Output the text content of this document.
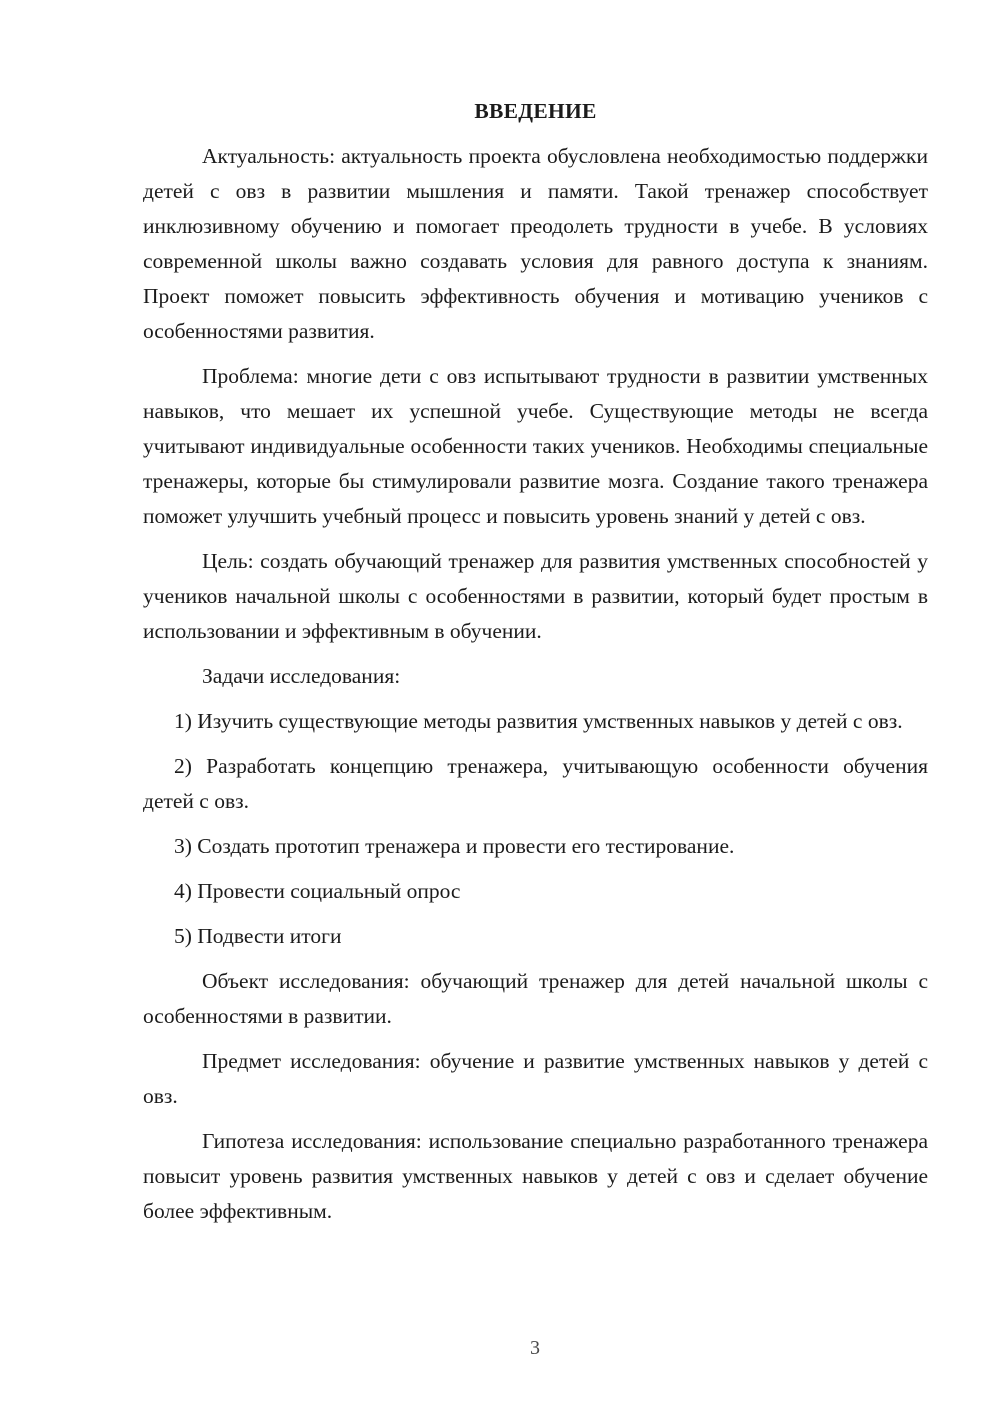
ВВЕДЕНИЕ

Актуальность: актуальность проекта обусловлена необходимостью поддержки детей с овз в развитии мышления и памяти. Такой тренажер способствует инклюзивному обучению и помогает преодолеть трудности в учебе. В условиях современной школы важно создавать условия для равного доступа к знаниям. Проект поможет повысить эффективность обучения и мотивацию учеников с особенностями развития.

Проблема: многие дети с овз испытывают трудности в развитии умственных навыков, что мешает их успешной учебе. Существующие методы не всегда учитывают индивидуальные особенности таких учеников. Необходимы специальные тренажеры, которые бы стимулировали развитие мозга. Создание такого тренажера поможет улучшить учебный процесс и повысить уровень знаний у детей с овз.

Цель: создать обучающий тренажер для развития умственных способностей у учеников начальной школы с особенностями в развитии, который будет простым в использовании и эффективным в обучении.

Задачи исследования:

1) Изучить существующие методы развития умственных навыков у детей с овз.

2) Разработать концепцию тренажера, учитывающую особенности обучения детей с овз.

3) Создать прототип тренажера и провести его тестирование.

4) Провести социальный опрос

5) Подвести итоги

Объект исследования: обучающий тренажер для детей начальной школы с особенностями в развитии.

Предмет исследования: обучение и развитие умственных навыков у детей с овз.

Гипотеза исследования: использование специально разработанного тренажера повысит уровень развития умственных навыков у детей с овз и сделает обучение более эффективным.

3
